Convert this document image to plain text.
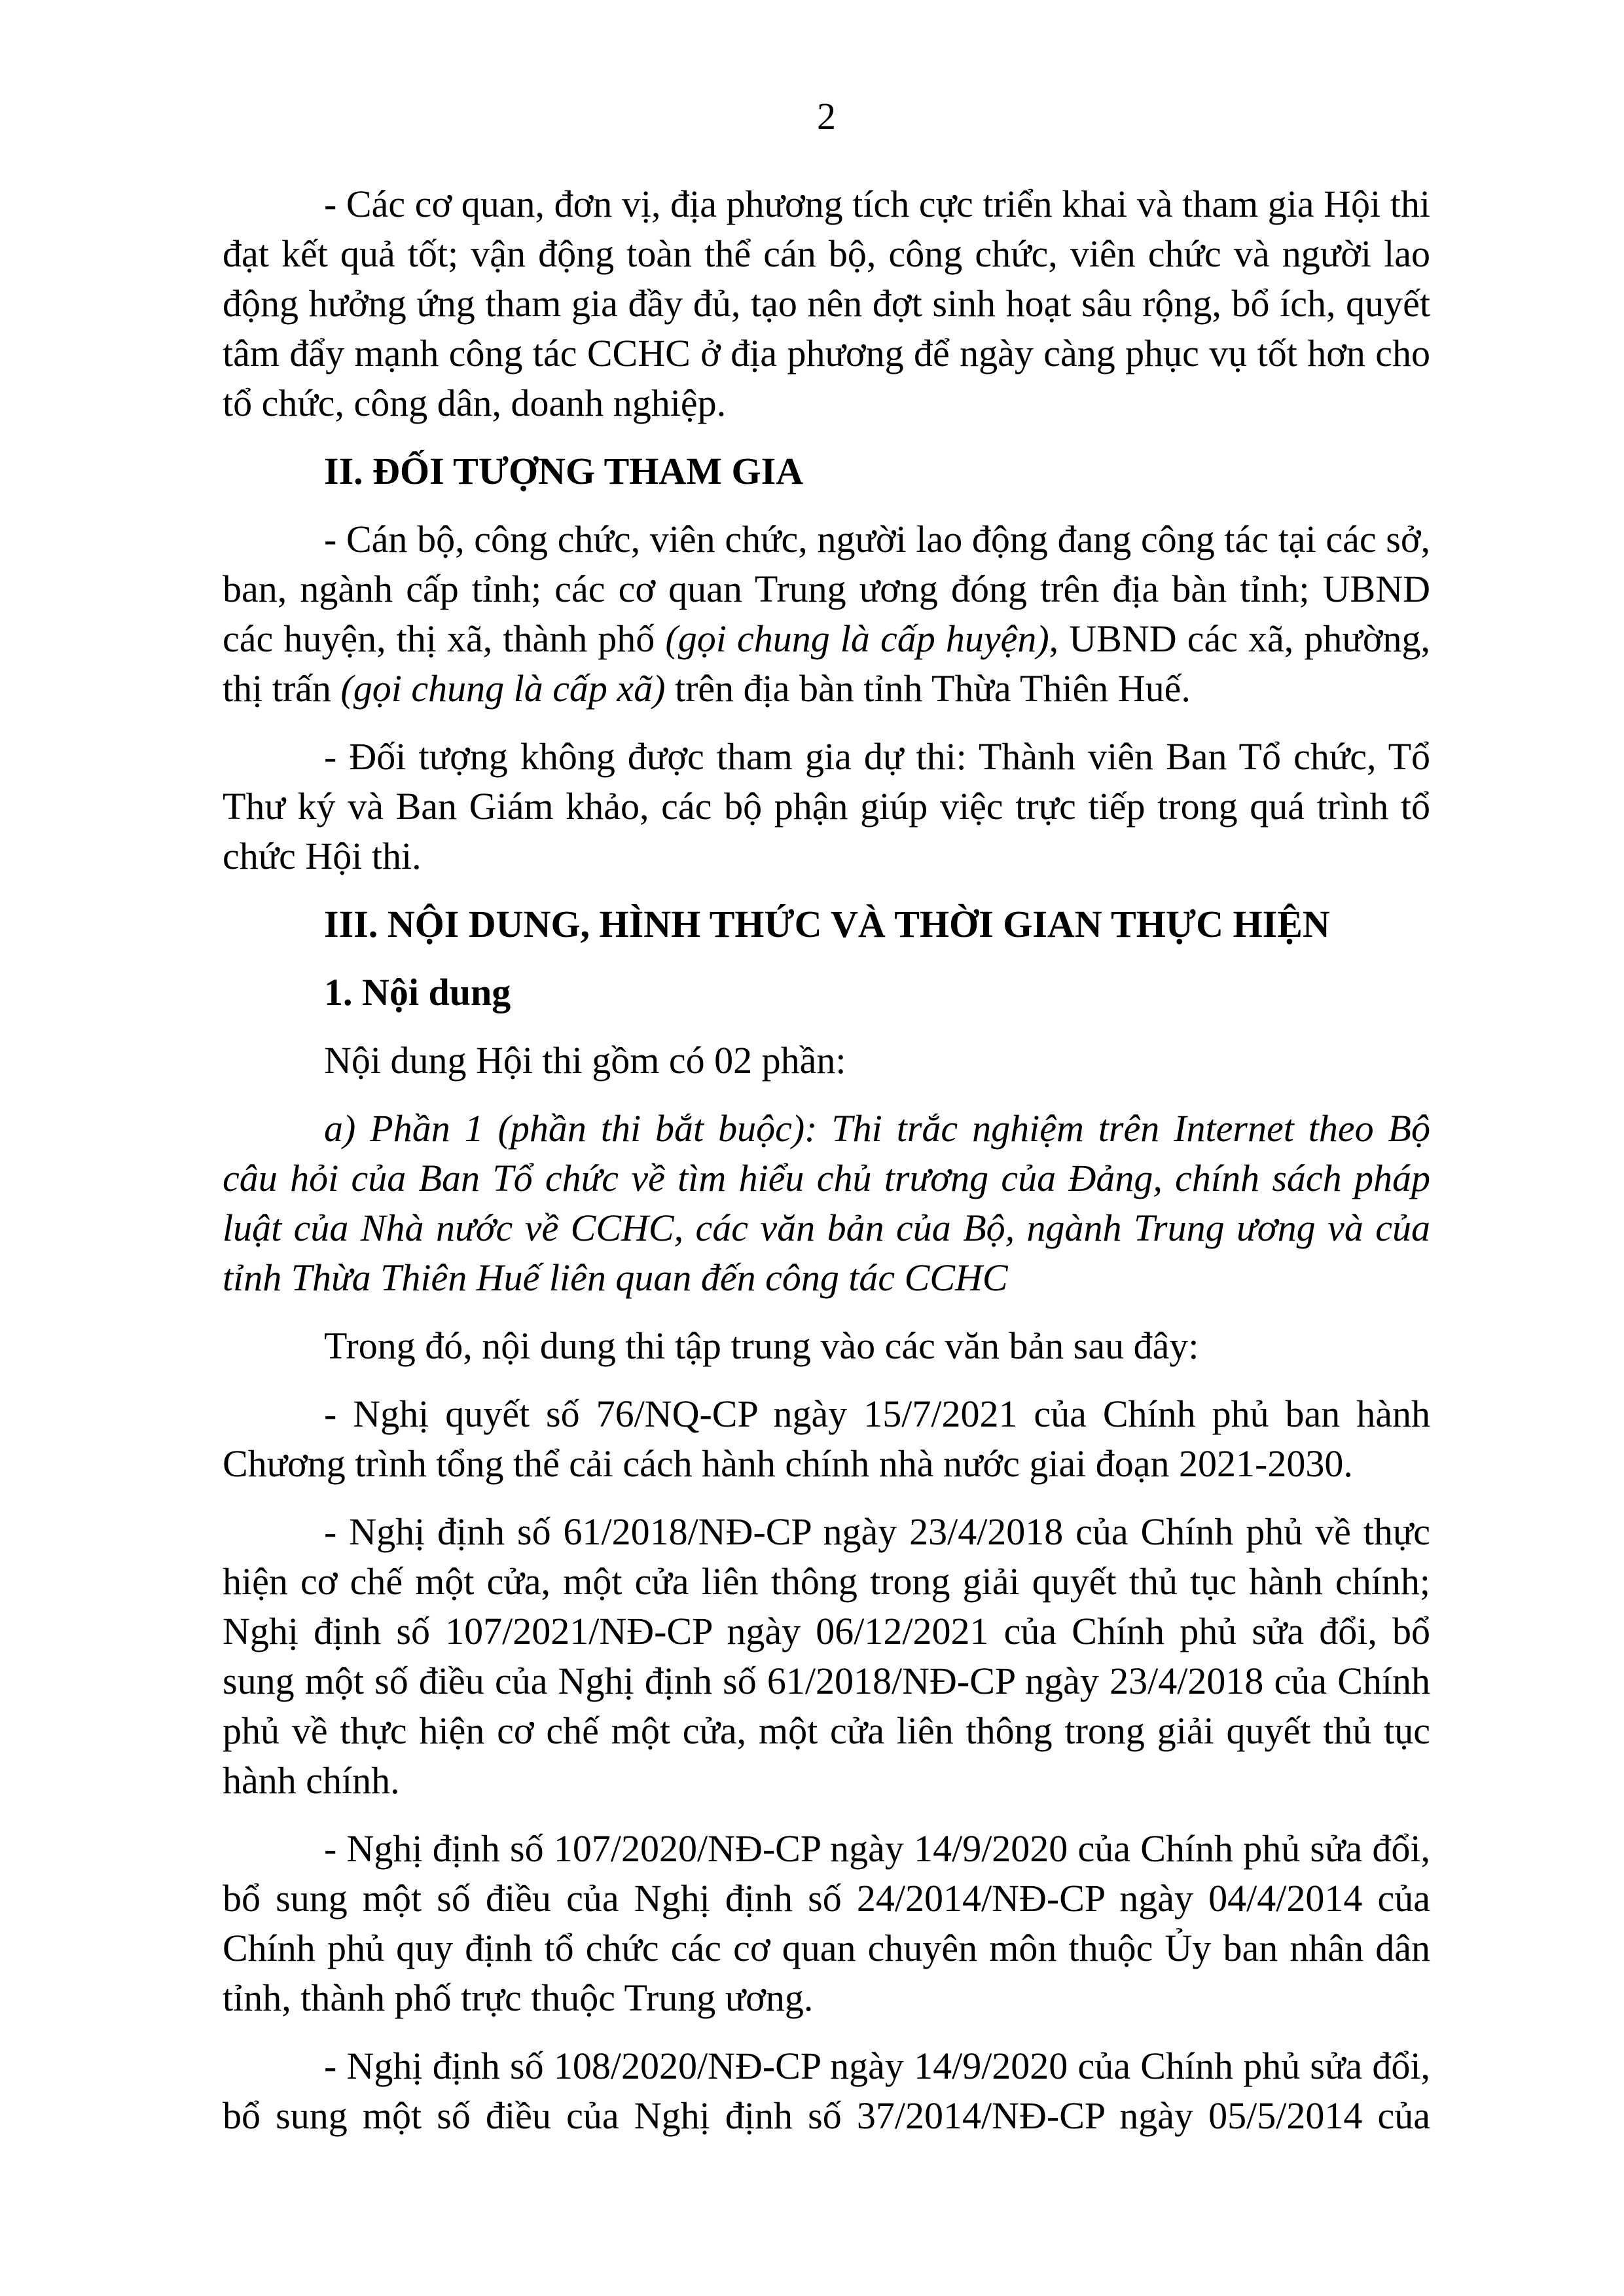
2

- Các cơ quan, đơn vị, địa phương tích cực triển khai và tham gia Hội thi đạt kết quả tốt; vận động toàn thể cán bộ, công chức, viên chức và người lao động hưởng ứng tham gia đầy đủ, tạo nên đợt sinh hoạt sâu rộng, bổ ích, quyết tâm đẩy mạnh công tác CCHC ở địa phương để ngày càng phục vụ tốt hơn cho tổ chức, công dân, doanh nghiệp.

II. ĐỐI TƯỢNG THAM GIA

- Cán bộ, công chức, viên chức, người lao động đang công tác tại các sở, ban, ngành cấp tỉnh; các cơ quan Trung ương đóng trên địa bàn tỉnh; UBND các huyện, thị xã, thành phố (gọi chung là cấp huyện), UBND các xã, phường, thị trấn (gọi chung là cấp xã) trên địa bàn tỉnh Thừa Thiên Huế.

- Đối tượng không được tham gia dự thi: Thành viên Ban Tổ chức, Tổ Thư ký và Ban Giám khảo, các bộ phận giúp việc trực tiếp trong quá trình tổ chức Hội thi.

III. NỘI DUNG, HÌNH THỨC VÀ THỜI GIAN THỰC HIỆN
1. Nội dung

Nội dung Hội thi gồm có 02 phần:

a) Phần 1 (phần thi bắt buộc): Thi trắc nghiệm trên Internet theo Bộ câu hỏi của Ban Tổ chức về tìm hiểu chủ trương của Đảng, chính sách pháp luật của Nhà nước về CCHC, các văn bản của Bộ, ngành Trung ương và của tỉnh Thừa Thiên Huế liên quan đến công tác CCHC

Trong đó, nội dung thi tập trung vào các văn bản sau đây:

- Nghị quyết số 76/NQ-CP ngày 15/7/2021 của Chính phủ ban hành Chương trình tổng thể cải cách hành chính nhà nước giai đoạn 2021-2030.

- Nghị định số 61/2018/NĐ-CP ngày 23/4/2018 của Chính phủ về thực hiện cơ chế một cửa, một cửa liên thông trong giải quyết thủ tục hành chính; Nghị định số 107/2021/NĐ-CP ngày 06/12/2021 của Chính phủ sửa đổi, bổ sung một số điều của Nghị định số 61/2018/NĐ-CP ngày 23/4/2018 của Chính phủ về thực hiện cơ chế một cửa, một cửa liên thông trong giải quyết thủ tục hành chính.

- Nghị định số 107/2020/NĐ-CP ngày 14/9/2020 của Chính phủ sửa đổi, bổ sung một số điều của Nghị định số 24/2014/NĐ-CP ngày 04/4/2014 của Chính phủ quy định tổ chức các cơ quan chuyên môn thuộc Ủy ban nhân dân tỉnh, thành phố trực thuộc Trung ương.

- Nghị định số 108/2020/NĐ-CP ngày 14/9/2020 của Chính phủ sửa đổi, bổ sung một số điều của Nghị định số 37/2014/NĐ-CP ngày 05/5/2014 của
